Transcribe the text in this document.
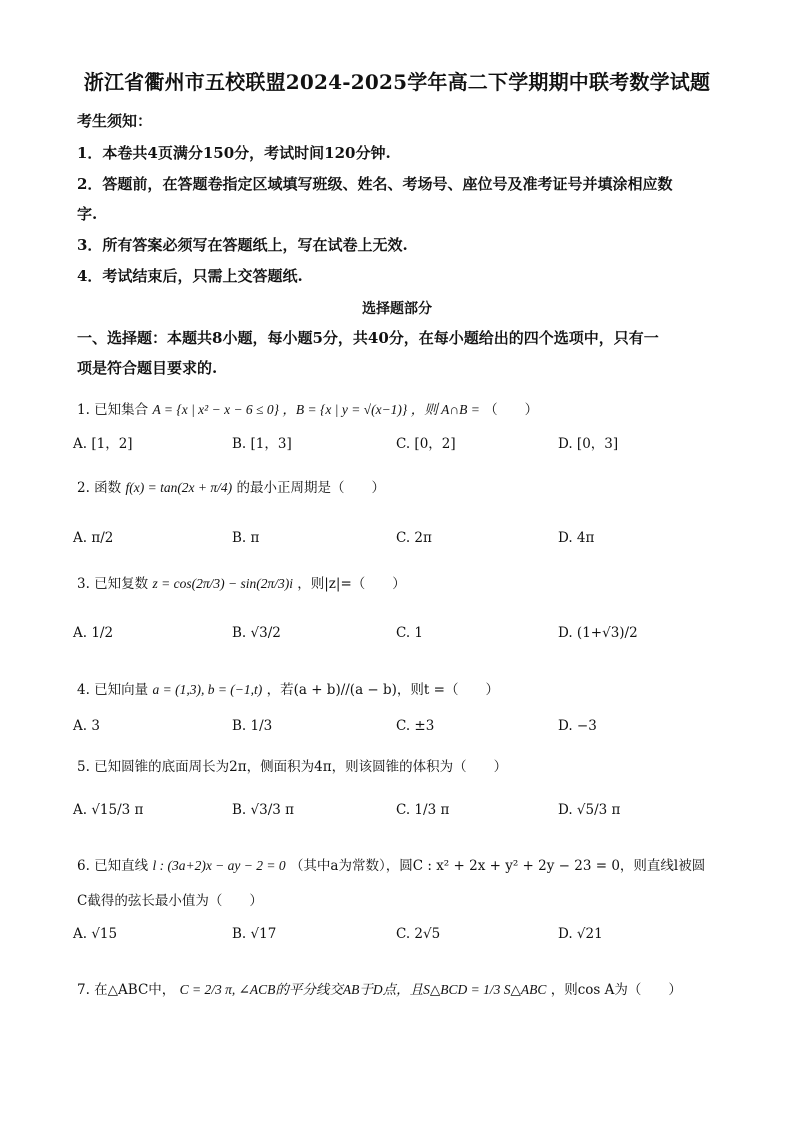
浙江省衢州市五校联盟2024-2025学年高二下学期期中联考数学试题
考生须知：
1．本卷共4页满分150分，考试时间120分钟.
2．答题前，在答题卷指定区域填写班级、姓名、考场号、座位号及准考证号并填涂相应数
字.
3．所有答案必须写在答题纸上，写在试卷上无效.
4．考试结束后，只需上交答题纸.
选择题部分
一、选择题：本题共8小题，每小题5分，共40分，在每小题给出的四个选项中，只有一
项是符合题目要求的.
1. 已知集合 A = {x | x² − x − 6 ≤ 0} ，B = {x | y = √(x−1)} ，则 A∩B = （　　）
A. [1，2]	B. [1，3]	C. [0，2]	D. [0，3]
2. 函数 f(x) = tan(2x + π/4) 的最小正周期是（　　）
A. π/2	B. π	C. 2π	D. 4π
3. 已知复数 z = cos(2π/3) − sin(2π/3)i ，则|z|=（　　）
A. 1/2	B. √3/2	C. 1	D. (1+√3)/2
4. 已知向量 a = (1,3), b = (−1,t) ，若(a + b)//(a − b)，则t =（　　）
A. 3	B. 1/3	C. ±3	D. −3
5. 已知圆锥的底面周长为2π，侧面积为4π，则该圆锥的体积为（　　）
A. √15/3 π	B. √3/3 π	C. 1/3 π	D. √5/3 π
6. 已知直线 l : (3a+2)x − ay − 2 = 0 （其中a为常数），圆C : x² + 2x + y² + 2y − 23 = 0，则直线l被圆
C截得的弦长最小值为（　　）
A. √15	B. √17	C. 2√5	D. √21
7. 在△ABC中， C = 2/3 π, ∠ACB的平分线交AB于D点，且S△BCD = 1/3 S△ABC ，则cos A为（　　）
